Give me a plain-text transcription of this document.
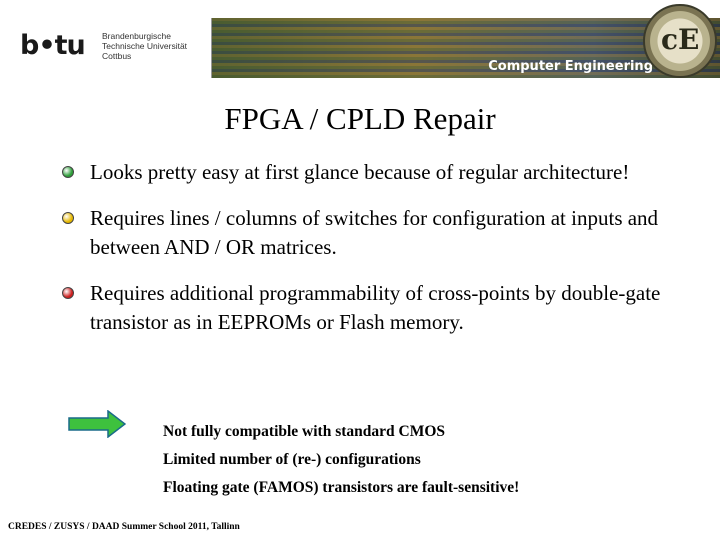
b•tu Brandenburgische
Technische Universität
Cottbus
Computer Engineering
cE
FPGA / CPLD Repair
Looks pretty easy at first glance because of regular architecture!
Requires lines / columns of switches for configuration at inputs and between AND / OR matrices.
Requires additional programmability of cross-points by double-gate transistor as in EEPROMs or Flash memory.
Not fully compatible with standard CMOS
Limited number of (re-) configurations
Floating gate (FAMOS) transistors are fault-sensitive!
CREDES / ZUSYS / DAAD Summer School 2011, Tallinn
